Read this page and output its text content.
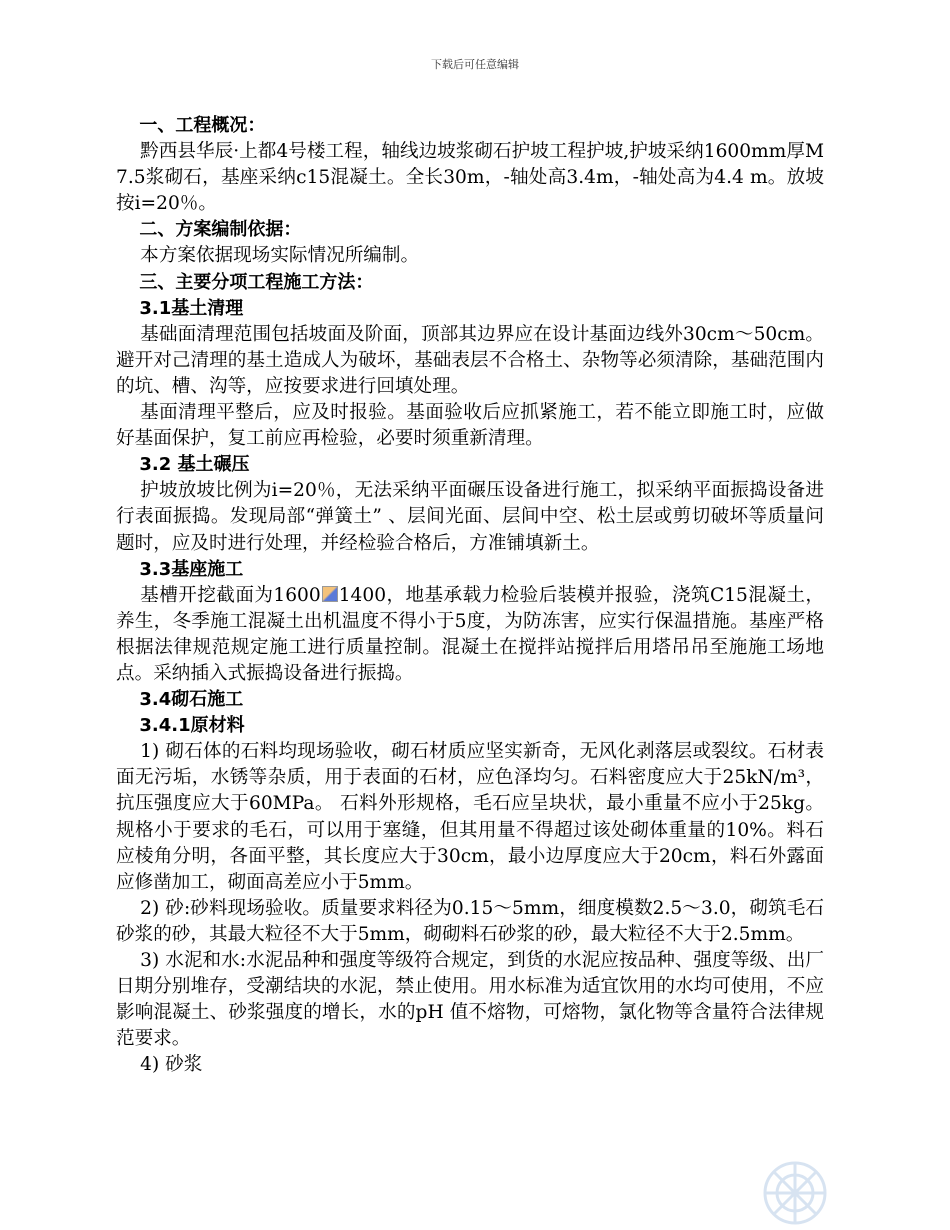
下载后可任意编辑
一、工程概况：

黔西县华辰·上都4号楼工程，轴线边坡浆砌石护坡工程护坡,护坡采纳1600mm厚M7.5浆砌石，基座采纳c15混凝土。全长30m，-轴处高3.4m，-轴处高为4.4 m。放坡按i=20％。

二、方案编制依据：

本方案依据现场实际情况所编制。

三、主要分项工程施工方法：
3.1基土清理

基础面清理范围包括坡面及阶面，顶部其边界应在设计基面边线外30cm～50cm。避开对己清理的基土造成人为破坏，基础表层不合格土、杂物等必须清除，基础范围内的坑、槽、沟等，应按要求进行回填处理。

基面清理平整后，应及时报验。基面验收后应抓紧施工，若不能立即施工时，应做好基面保护，复工前应再检验，必要时须重新清理。

3.2 基土碾压

护坡放坡比例为i=20％，无法采纳平面碾压设备进行施工，拟采纳平面振捣设备进行表面振捣。发现局部“弹簧土” 、层间光面、层间中空、松土层或剪切破坏等质量问题时，应及时进行处理，并经检验合格后，方准铺填新土。

3.3基座施工

基槽开挖截面为1600 1400，地基承载力检验后装模并报验，浇筑C15混凝土，养生，冬季施工混凝土出机温度不得小于5度，为防冻害，应实行保温措施。基座严格根据法律规范规定施工进行质量控制。混凝土在搅拌站搅拌后用塔吊吊至施施工场地点。采纳插入式振捣设备进行振捣。

3.4砌石施工
3.4.1原材料

1) 砌石体的石料均现场验收，砌石材质应坚实新奇，无风化剥落层或裂纹。石材表面无污垢，水锈等杂质，用于表面的石材，应色泽均匀。石料密度应大于25kN/m³，抗压强度应大于60MPa。 石料外形规格，毛石应呈块状，最小重量不应小于25kg。规格小于要求的毛石，可以用于塞缝，但其用量不得超过该处砌体重量的10%。料石应棱角分明，各面平整，其长度应大于30cm，最小边厚度应大于20cm，料石外露面应修凿加工，砌面高差应小于5mm。

2) 砂:砂料现场验收。质量要求料径为0.15～5mm，细度模数2.5～3.0，砌筑毛石砂浆的砂，其最大粒径不大于5mm，砌砌料石砂浆的砂，最大粒径不大于2.5mm。

3) 水泥和水:水泥品种和强度等级符合规定，到货的水泥应按品种、强度等级、出厂日期分别堆存，受潮结块的水泥，禁止使用。用水标准为适宜饮用的水均可使用，不应影响混凝土、砂浆强度的增长，水的pH 值不熔物，可熔物，氯化物等含量符合法律规范要求。

4) 砂浆
